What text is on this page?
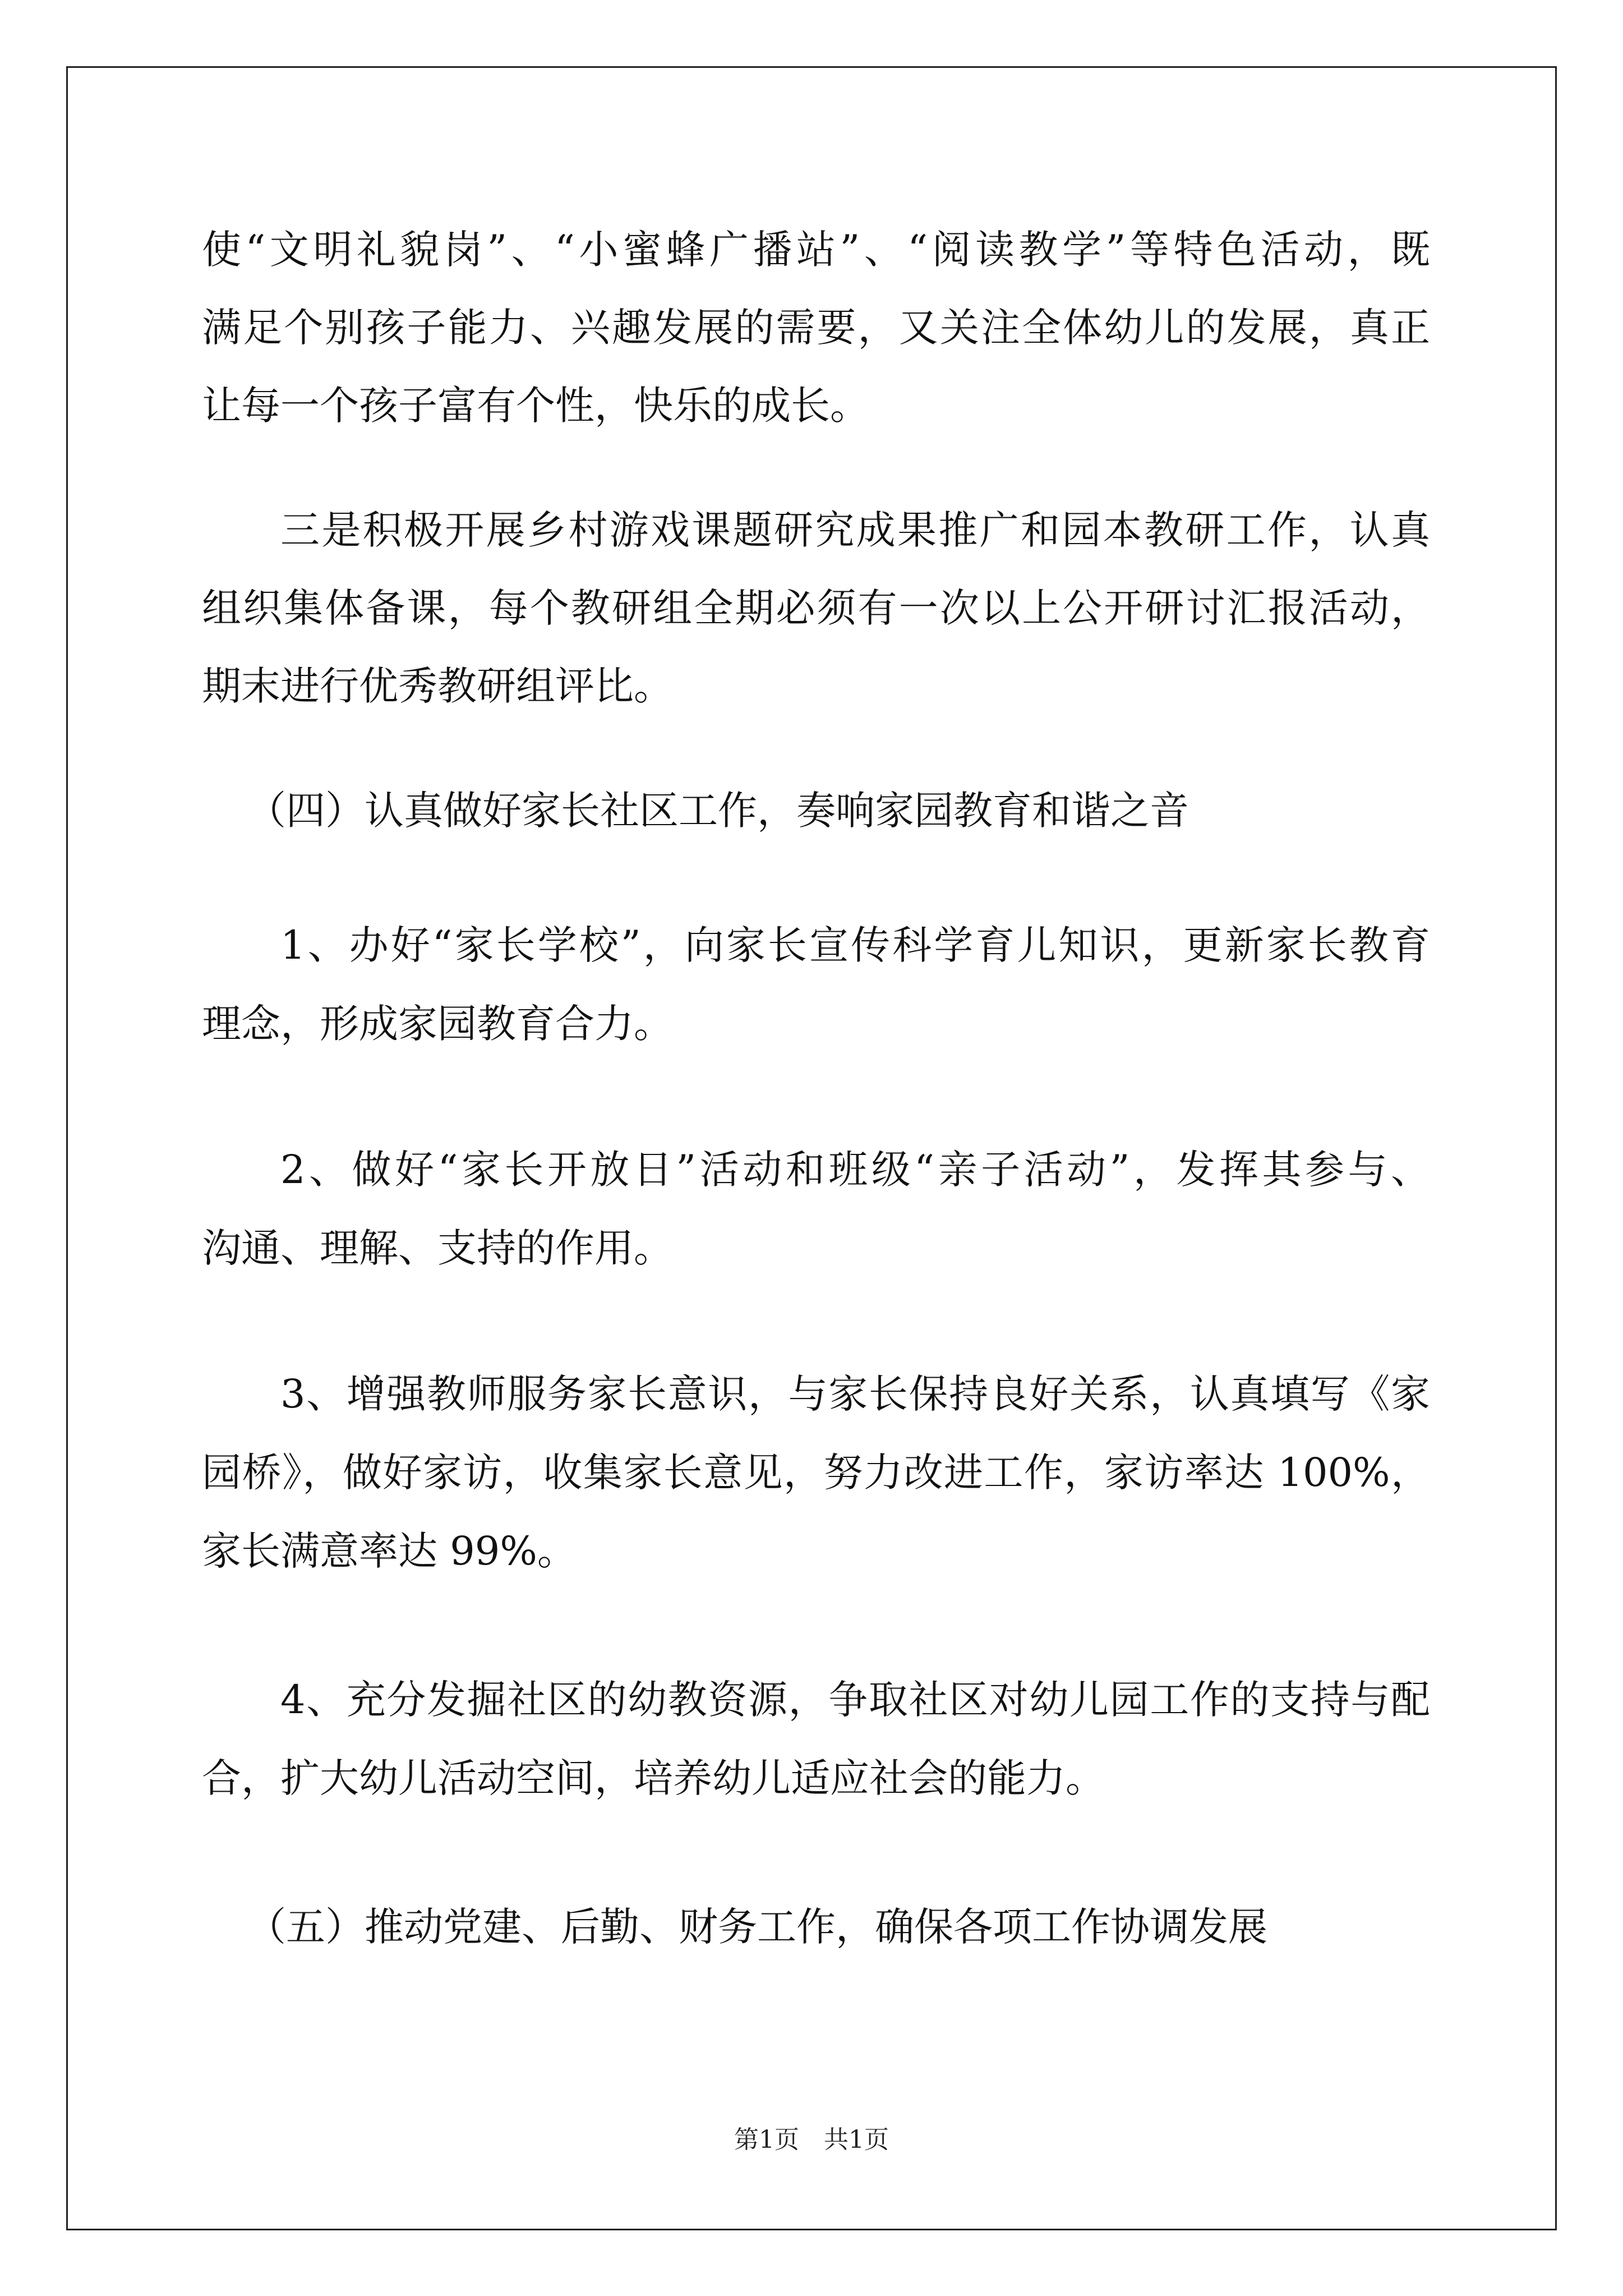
使“文明礼貌岗”、“小蜜蜂广播站”、“阅读教学”等特色活动，既
满足个别孩子能力、兴趣发展的需要，又关注全体幼儿的发展，真正
让每一个孩子富有个性，快乐的成长。
三是积极开展乡村游戏课题研究成果推广和园本教研工作，认真
组织集体备课，每个教研组全期必须有一次以上公开研讨汇报活动，
期末进行优秀教研组评比。
（四）认真做好家长社区工作，奏响家园教育和谐之音
1、办好“家长学校”，向家长宣传科学育儿知识，更新家长教育
理念，形成家园教育合力。
2、做好“家长开放日”活动和班级“亲子活动”，发挥其参与、
沟通、理解、支持的作用。
3、增强教师服务家长意识，与家长保持良好关系，认真填写《家
园桥》，做好家访，收集家长意见，努力改进工作，家访率达 100%，
家长满意率达 99%。
4、充分发掘社区的幼教资源，争取社区对幼儿园工作的支持与配
合，扩大幼儿活动空间，培养幼儿适应社会的能力。
（五）推动党建、后勤、财务工作，确保各项工作协调发展
第1页　共1页
